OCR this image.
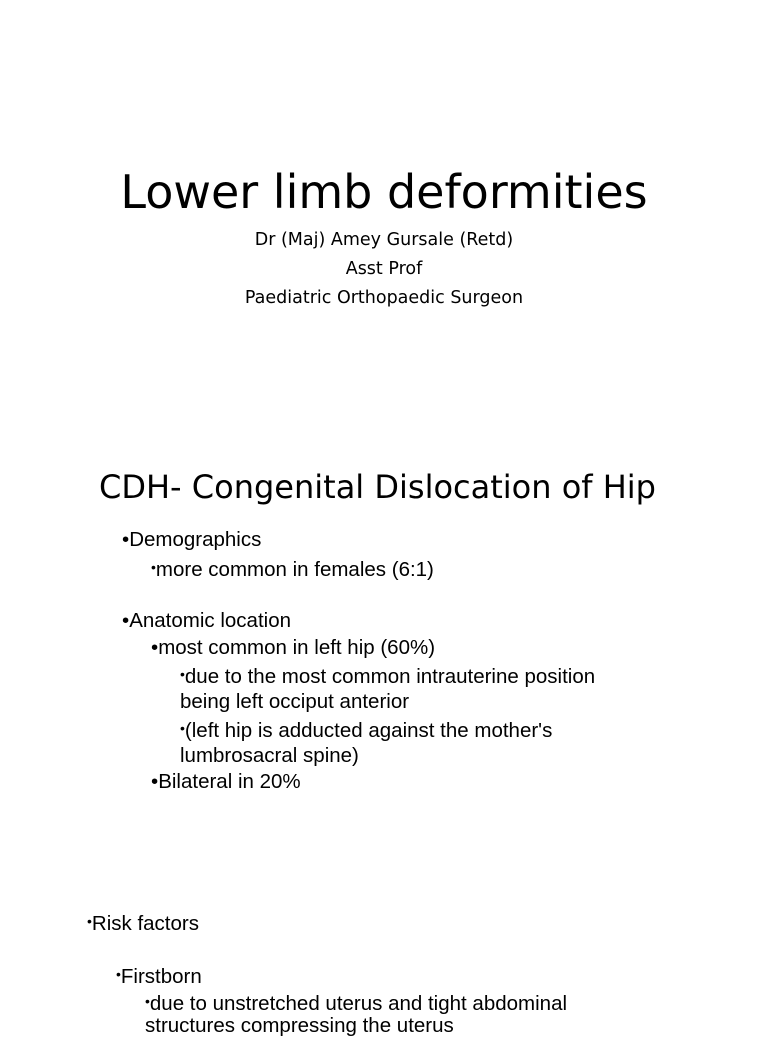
Lower limb deformities
Dr (Maj) Amey Gursale (Retd)
Asst Prof
Paediatric Orthopaedic Surgeon
CDH- Congenital Dislocation of Hip
•Demographics
•more common in females (6:1)
•Anatomic location
•most common in left hip (60%)
•due to the most common intrauterine position
being left occiput anterior
•(left hip is adducted against the mother's
lumbrosacral spine)
•Bilateral in 20%
•Risk factors
•Firstborn
•due to unstretched uterus and tight abdominal
structures compressing the uterus
